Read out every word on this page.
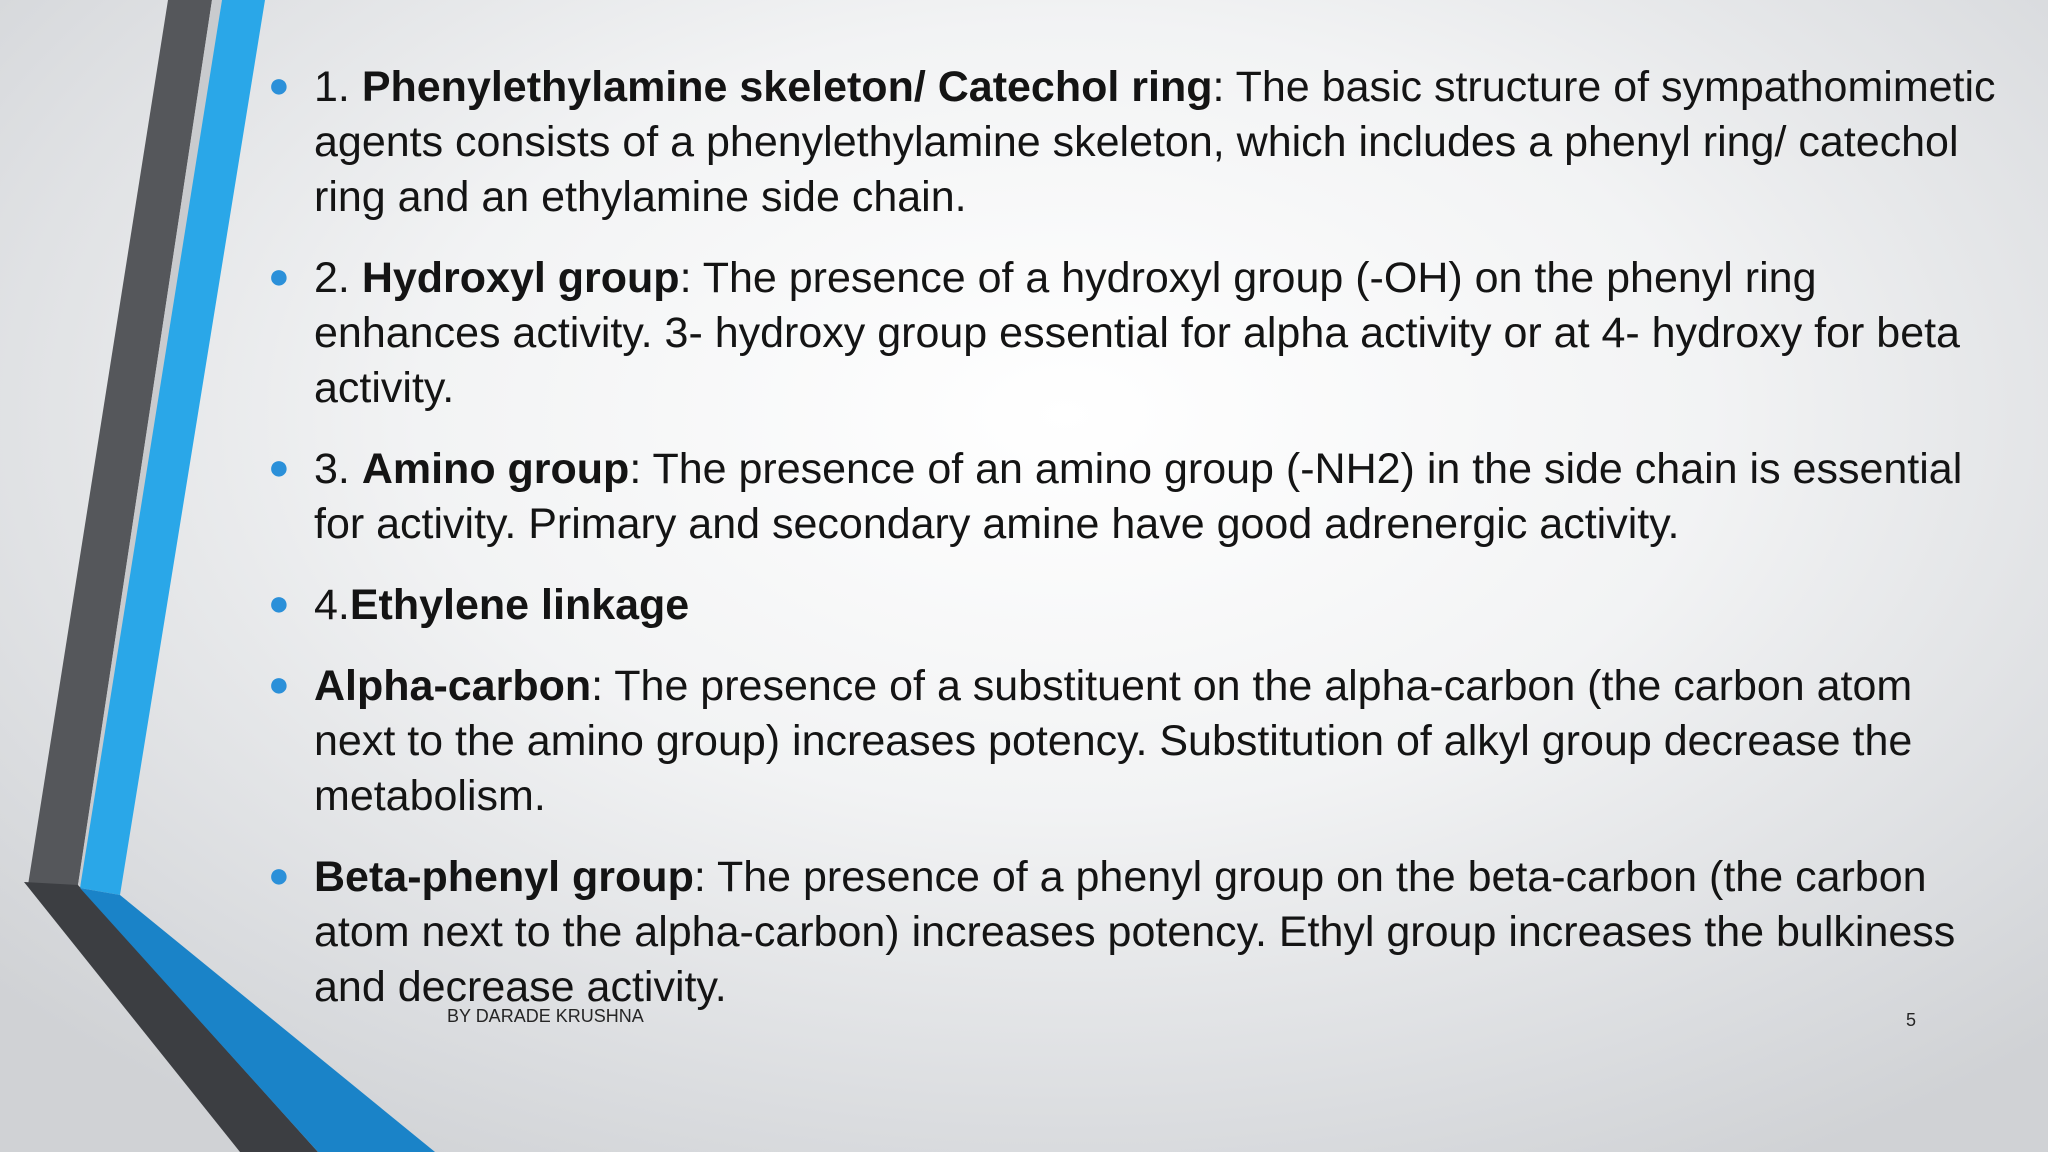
● 1. Phenylethylamine skeleton/ Catechol ring: The basic structure of sympathomimetic agents consists of a phenylethylamine skeleton, which includes a phenyl ring/ catechol ring and an ethylamine side chain.
● 2. Hydroxyl group: The presence of a hydroxyl group (-OH) on the phenyl ring enhances activity. 3- hydroxy group essential for alpha activity or at 4- hydroxy for beta activity.
● 3. Amino group: The presence of an amino group (-NH2) in the side chain is essential for activity. Primary and secondary amine have good adrenergic activity.
● 4.Ethylene linkage
● Alpha-carbon: The presence of a substituent on the alpha-carbon (the carbon atom next to the amino group) increases potency. Substitution of alkyl group decrease the metabolism.
● Beta-phenyl group: The presence of a phenyl group on the beta-carbon (the carbon atom next to the alpha-carbon) increases potency. Ethyl group increases the bulkiness and decrease activity.
BY DARADE KRUSHNA	5
